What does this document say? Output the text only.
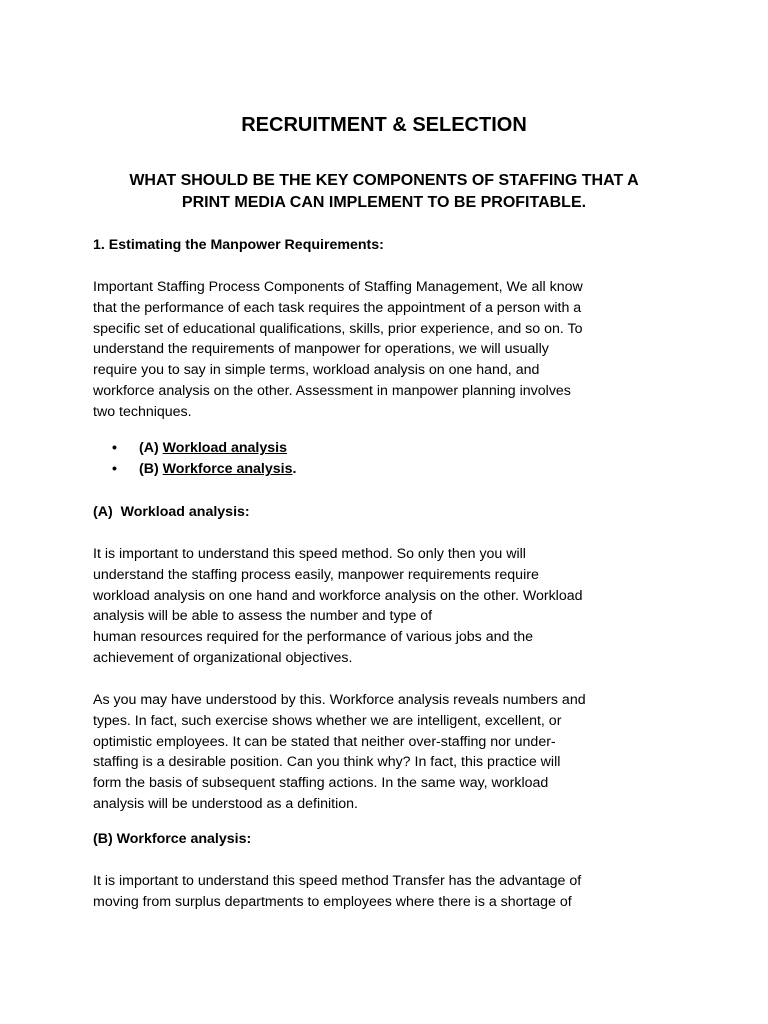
RECRUITMENT & SELECTION
WHAT SHOULD BE THE KEY COMPONENTS OF STAFFING THAT A
PRINT MEDIA CAN IMPLEMENT TO BE PROFITABLE.
1. Estimating the Manpower Requirements:
Important Staffing Process Components of Staffing Management, We all know
that the performance of each task requires the appointment of a person with a
specific set of educational qualifications, skills, prior experience, and so on. To
understand the requirements of manpower for operations, we will usually
require you to say in simple terms, workload analysis on one hand, and
workforce analysis on the other. Assessment in manpower planning involves
two techniques.
• (A) Workload analysis
• (B) Workforce analysis.
(A)  Workload analysis:
It is important to understand this speed method. So only then you will
understand the staffing process easily, manpower requirements require
workload analysis on one hand and workforce analysis on the other. Workload
analysis will be able to assess the number and type of
human resources required for the performance of various jobs and the
achievement of organizational objectives.
As you may have understood by this. Workforce analysis reveals numbers and
types. In fact, such exercise shows whether we are intelligent, excellent, or
optimistic employees. It can be stated that neither over-staffing nor under-
staffing is a desirable position. Can you think why? In fact, this practice will
form the basis of subsequent staffing actions. In the same way, workload
analysis will be understood as a definition.
(B) Workforce analysis:
It is important to understand this speed method Transfer has the advantage of
moving from surplus departments to employees where there is a shortage of
